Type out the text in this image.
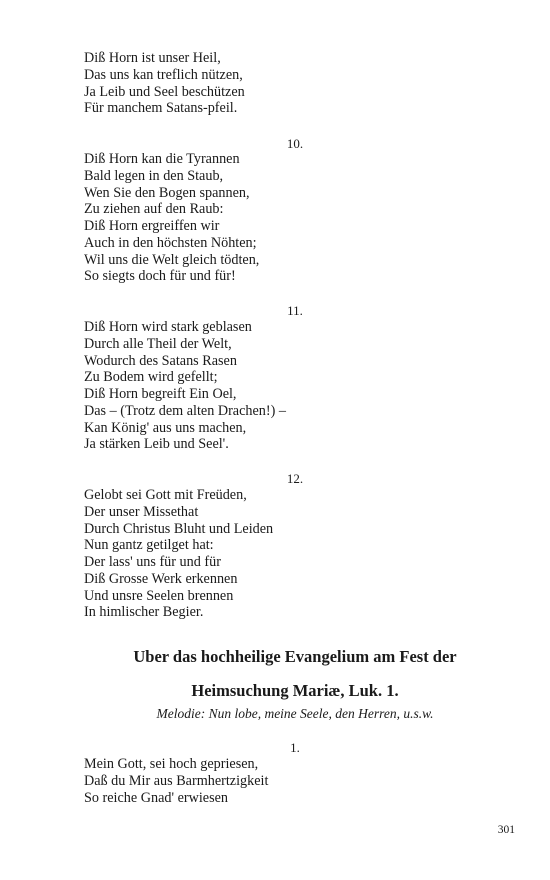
Diß Horn ist unser Heil,
Das uns kan treflich nützen,
Ja Leib und Seel beschützen
Für manchem Satans-pfeil.
10.
Diß Horn kan die Tyrannen
Bald legen in den Staub,
Wen Sie den Bogen spannen,
Zu ziehen auf den Raub:
Diß Horn ergreiffen wir
Auch in den höchsten Nöhten;
Wil uns die Welt gleich tödten,
So siegts doch für und für!
11.
Diß Horn wird stark geblasen
Durch alle Theil der Welt,
Wodurch des Satans Rasen
Zu Bodem wird gefellt;
Diß Horn begreift Ein Oel,
Das – (Trotz dem alten Drachen!) –
Kan König' aus uns machen,
Ja stärken Leib und Seel'.
12.
Gelobt sei Gott mit Freüden,
Der unser Missethat
Durch Christus Bluht und Leiden
Nun gantz getilget hat:
Der lass' uns für und für
Diß Grosse Werk erkennen
Und unsre Seelen brennen
In himlischer Begier.
Uber das hochheilige Evangelium am Fest der
Heimsuchung Mariæ, Luk. 1.
Melodie: Nun lobe, meine Seele, den Herren, u.s.w.
1.
Mein Gott, sei hoch gepriesen,
Daß du Mir aus Barmhertzigkeit
So reiche Gnad' erwiesen
301
